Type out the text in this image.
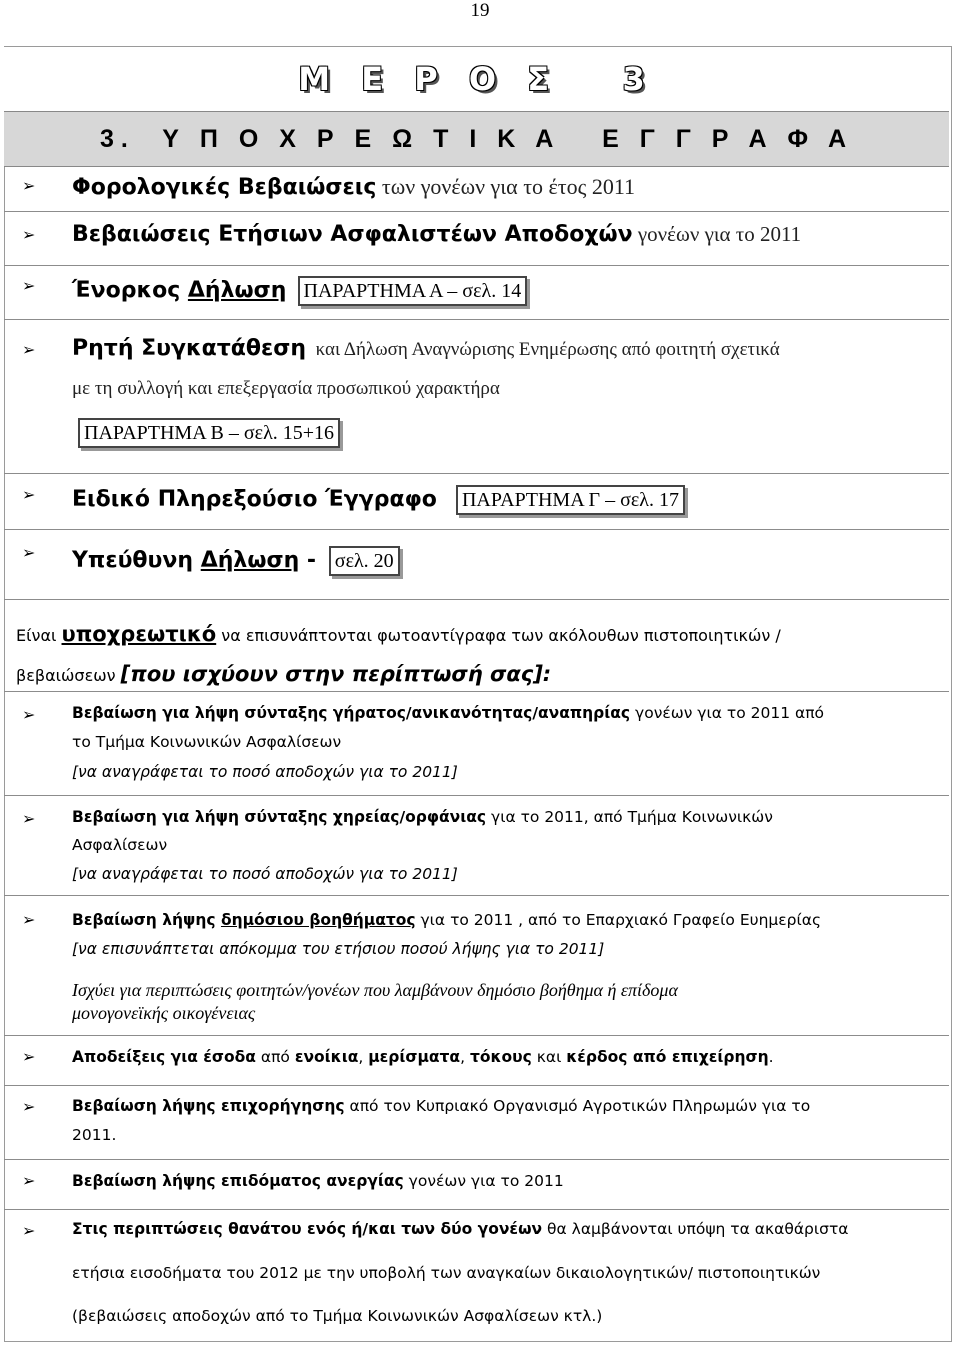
19
Μ Ε Ρ Ο Σ   3
3.  Υ Π Ο Χ Ρ Ε Ω Τ Ι Κ Α   Ε Γ Γ Ρ Α Φ Α
➢ Φορολογικές Βεβαιώσεις των γονέων για το έτος 2011
➢ Βεβαιώσεις Ετήσιων Ασφαλιστέων Αποδοχών γονέων για το 2011
➢ Ένορκος Δήλωση ΠΑΡΑΡΤΗΜΑ Α – σελ. 14
➢ Ρητή Συγκατάθεση  και Δήλωση Αναγνώρισης Ενημέρωσης από φοιτητή σχετικά
με τη συλλογή και επεξεργασία προσωπικού χαρακτήρα
ΠΑΡΑΡΤΗΜΑ Β – σελ. 15+16
➢ Ειδικό Πληρεξούσιο Έγγραφο ΠΑΡΑΡΤΗΜΑ Γ – σελ. 17
➢ Υπεύθυνη Δήλωση -  σελ. 20
Είναι υποχρεωτικό να επισυνάπτονται φωτοαντίγραφα των ακόλουθων πιστοποιητικών /
βεβαιώσεων [που ισχύουν στην περίπτωσή σας]:
➢ Βεβαίωση για λήψη σύνταξης γήρατος/ανικανότητας/αναπηρίας γονέων για το 2011 από
το Τμήμα Κοινωνικών Ασφαλίσεων
[να αναγράφεται το ποσό αποδοχών για το 2011]
➢ Βεβαίωση για λήψη σύνταξης χηρείας/ορφάνιας για το 2011, από Τμήμα Κοινωνικών
Ασφαλίσεων
[να αναγράφεται το ποσό αποδοχών για το 2011]
➢ Βεβαίωση λήψης δημόσιου βοηθήματος για το 2011 , από το Επαρχιακό Γραφείο Ευημερίας
[να επισυνάπτεται απόκομμα του ετήσιου ποσού λήψης για το 2011]
Ισχύει για περιπτώσεις φοιτητών/γονέων που λαμβάνουν δημόσιο βοήθημα ή επίδομα
μονογονεϊκής οικογένειας
➢ Αποδείξεις για έσοδα από ενοίκια, μερίσματα, τόκους και κέρδος από επιχείρηση.
➢ Βεβαίωση λήψης επιχορήγησης από τον Κυπριακό Οργανισμό Αγροτικών Πληρωμών για το
2011.
➢ Βεβαίωση λήψης επιδόματος ανεργίας γονέων για το 2011
➢ Στις περιπτώσεις θανάτου ενός ή/και των δύο γονέων θα λαμβάνονται υπόψη τα ακαθάριστα
ετήσια εισοδήματα του 2012 με την υποβολή των αναγκαίων δικαιολογητικών/ πιστοποιητικών
(βεβαιώσεις αποδοχών από το Τμήμα Κοινωνικών Ασφαλίσεων κτλ.)
